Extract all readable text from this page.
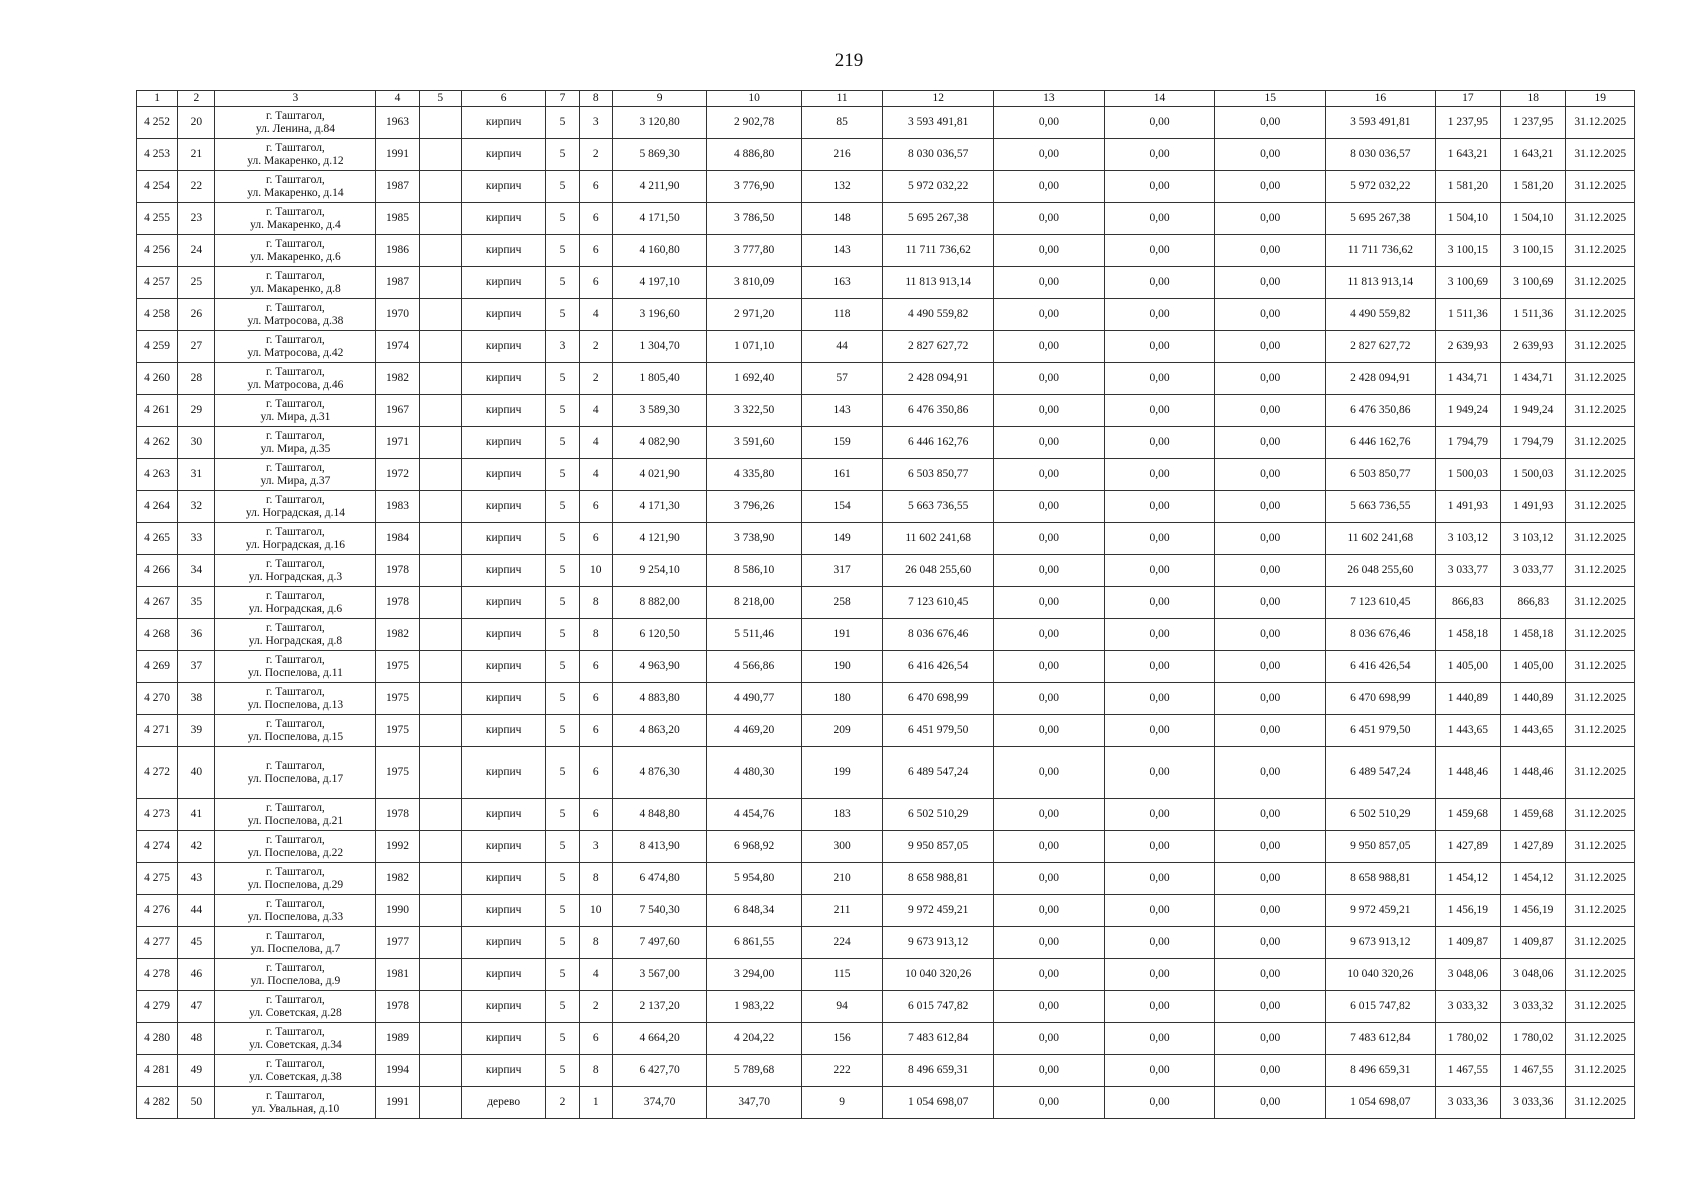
219
1	2	3	4	5	6	7	8	9	10	11	12	13	14	15	16	17	18	19
4 252	20	г. Таштагол,
ул. Ленина, д.84	1963		кирпич	5	3	3 120,80	2 902,78	85	3 593 491,81	0,00	0,00	0,00	3 593 491,81	1 237,95	1 237,95	31.12.2025
4 253	21	г. Таштагол,
ул. Макаренко, д.12	1991		кирпич	5	2	5 869,30	4 886,80	216	8 030 036,57	0,00	0,00	0,00	8 030 036,57	1 643,21	1 643,21	31.12.2025
4 254	22	г. Таштагол,
ул. Макаренко, д.14	1987		кирпич	5	6	4 211,90	3 776,90	132	5 972 032,22	0,00	0,00	0,00	5 972 032,22	1 581,20	1 581,20	31.12.2025
4 255	23	г. Таштагол,
ул. Макаренко, д.4	1985		кирпич	5	6	4 171,50	3 786,50	148	5 695 267,38	0,00	0,00	0,00	5 695 267,38	1 504,10	1 504,10	31.12.2025
4 256	24	г. Таштагол,
ул. Макаренко, д.6	1986		кирпич	5	6	4 160,80	3 777,80	143	11 711 736,62	0,00	0,00	0,00	11 711 736,62	3 100,15	3 100,15	31.12.2025
4 257	25	г. Таштагол,
ул. Макаренко, д.8	1987		кирпич	5	6	4 197,10	3 810,09	163	11 813 913,14	0,00	0,00	0,00	11 813 913,14	3 100,69	3 100,69	31.12.2025
4 258	26	г. Таштагол,
ул. Матросова, д.38	1970		кирпич	5	4	3 196,60	2 971,20	118	4 490 559,82	0,00	0,00	0,00	4 490 559,82	1 511,36	1 511,36	31.12.2025
4 259	27	г. Таштагол,
ул. Матросова, д.42	1974		кирпич	3	2	1 304,70	1 071,10	44	2 827 627,72	0,00	0,00	0,00	2 827 627,72	2 639,93	2 639,93	31.12.2025
4 260	28	г. Таштагол,
ул. Матросова, д.46	1982		кирпич	5	2	1 805,40	1 692,40	57	2 428 094,91	0,00	0,00	0,00	2 428 094,91	1 434,71	1 434,71	31.12.2025
4 261	29	г. Таштагол,
ул. Мира, д.31	1967		кирпич	5	4	3 589,30	3 322,50	143	6 476 350,86	0,00	0,00	0,00	6 476 350,86	1 949,24	1 949,24	31.12.2025
4 262	30	г. Таштагол,
ул. Мира, д.35	1971		кирпич	5	4	4 082,90	3 591,60	159	6 446 162,76	0,00	0,00	0,00	6 446 162,76	1 794,79	1 794,79	31.12.2025
4 263	31	г. Таштагол,
ул. Мира, д.37	1972		кирпич	5	4	4 021,90	4 335,80	161	6 503 850,77	0,00	0,00	0,00	6 503 850,77	1 500,03	1 500,03	31.12.2025
4 264	32	г. Таштагол,
ул. Ноградская, д.14	1983		кирпич	5	6	4 171,30	3 796,26	154	5 663 736,55	0,00	0,00	0,00	5 663 736,55	1 491,93	1 491,93	31.12.2025
4 265	33	г. Таштагол,
ул. Ноградская, д.16	1984		кирпич	5	6	4 121,90	3 738,90	149	11 602 241,68	0,00	0,00	0,00	11 602 241,68	3 103,12	3 103,12	31.12.2025
4 266	34	г. Таштагол,
ул. Ноградская, д.3	1978		кирпич	5	10	9 254,10	8 586,10	317	26 048 255,60	0,00	0,00	0,00	26 048 255,60	3 033,77	3 033,77	31.12.2025
4 267	35	г. Таштагол,
ул. Ноградская, д.6	1978		кирпич	5	8	8 882,00	8 218,00	258	7 123 610,45	0,00	0,00	0,00	7 123 610,45	866,83	866,83	31.12.2025
4 268	36	г. Таштагол,
ул. Ноградская, д.8	1982		кирпич	5	8	6 120,50	5 511,46	191	8 036 676,46	0,00	0,00	0,00	8 036 676,46	1 458,18	1 458,18	31.12.2025
4 269	37	г. Таштагол,
ул. Поспелова, д.11	1975		кирпич	5	6	4 963,90	4 566,86	190	6 416 426,54	0,00	0,00	0,00	6 416 426,54	1 405,00	1 405,00	31.12.2025
4 270	38	г. Таштагол,
ул. Поспелова, д.13	1975		кирпич	5	6	4 883,80	4 490,77	180	6 470 698,99	0,00	0,00	0,00	6 470 698,99	1 440,89	1 440,89	31.12.2025
4 271	39	г. Таштагол,
ул. Поспелова, д.15	1975		кирпич	5	6	4 863,20	4 469,20	209	6 451 979,50	0,00	0,00	0,00	6 451 979,50	1 443,65	1 443,65	31.12.2025
4 272	40	г. Таштагол,
ул. Поспелова, д.17	1975		кирпич	5	6	4 876,30	4 480,30	199	6 489 547,24	0,00	0,00	0,00	6 489 547,24	1 448,46	1 448,46	31.12.2025
4 273	41	г. Таштагол,
ул. Поспелова, д.21	1978		кирпич	5	6	4 848,80	4 454,76	183	6 502 510,29	0,00	0,00	0,00	6 502 510,29	1 459,68	1 459,68	31.12.2025
4 274	42	г. Таштагол,
ул. Поспелова, д.22	1992		кирпич	5	3	8 413,90	6 968,92	300	9 950 857,05	0,00	0,00	0,00	9 950 857,05	1 427,89	1 427,89	31.12.2025
4 275	43	г. Таштагол,
ул. Поспелова, д.29	1982		кирпич	5	8	6 474,80	5 954,80	210	8 658 988,81	0,00	0,00	0,00	8 658 988,81	1 454,12	1 454,12	31.12.2025
4 276	44	г. Таштагол,
ул. Поспелова, д.33	1990		кирпич	5	10	7 540,30	6 848,34	211	9 972 459,21	0,00	0,00	0,00	9 972 459,21	1 456,19	1 456,19	31.12.2025
4 277	45	г. Таштагол,
ул. Поспелова, д.7	1977		кирпич	5	8	7 497,60	6 861,55	224	9 673 913,12	0,00	0,00	0,00	9 673 913,12	1 409,87	1 409,87	31.12.2025
4 278	46	г. Таштагол,
ул. Поспелова, д.9	1981		кирпич	5	4	3 567,00	3 294,00	115	10 040 320,26	0,00	0,00	0,00	10 040 320,26	3 048,06	3 048,06	31.12.2025
4 279	47	г. Таштагол,
ул. Советская, д.28	1978		кирпич	5	2	2 137,20	1 983,22	94	6 015 747,82	0,00	0,00	0,00	6 015 747,82	3 033,32	3 033,32	31.12.2025
4 280	48	г. Таштагол,
ул. Советская, д.34	1989		кирпич	5	6	4 664,20	4 204,22	156	7 483 612,84	0,00	0,00	0,00	7 483 612,84	1 780,02	1 780,02	31.12.2025
4 281	49	г. Таштагол,
ул. Советская, д.38	1994		кирпич	5	8	6 427,70	5 789,68	222	8 496 659,31	0,00	0,00	0,00	8 496 659,31	1 467,55	1 467,55	31.12.2025
4 282	50	г. Таштагол,
ул. Увальная, д.10	1991		дерево	2	1	374,70	347,70	9	1 054 698,07	0,00	0,00	0,00	1 054 698,07	3 033,36	3 033,36	31.12.2025
